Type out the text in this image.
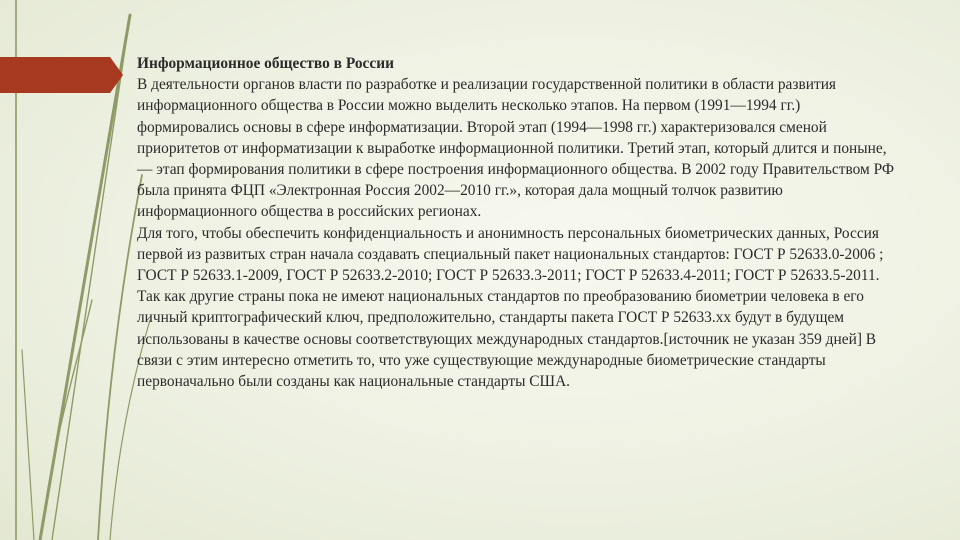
Информационное общество в России

В деятельности органов власти по разработке и реализации государственной политики в области развития информационного общества в России можно выделить несколько этапов. На первом (1991—1994 гг.) формировались основы в сфере информатизации. Второй этап (1994—1998 гг.) характеризовался сменой приоритетов от информатизации к выработке информационной политики. Третий этап, который длится и поныне, — этап формирования политики в сфере построения информационного общества. В 2002 году Правительством РФ была принята ФЦП «Электронная Россия 2002—2010 гг.», которая дала мощный толчок развитию информационного общества в российских регионах.

Для того, чтобы обеспечить конфиденциальность и анонимность персональных биометрических данных, Россия первой из развитых стран начала создавать специальный пакет национальных стандартов: ГОСТ Р 52633.0-2006 ; ГОСТ Р 52633.1-2009, ГОСТ Р 52633.2-2010; ГОСТ Р 52633.3-2011; ГОСТ Р 52633.4-2011; ГОСТ Р 52633.5-2011.

Так как другие страны пока не имеют национальных стандартов по преобразованию биометрии человека в его личный криптографический ключ, предположительно, стандарты пакета ГОСТ Р 52633.хх будут в будущем использованы в качестве основы соответствующих международных стандартов.[источник не указан 359 дней] В связи с этим интересно отметить то, что уже существующие международные биометрические стандарты первоначально были созданы как национальные стандарты США.
